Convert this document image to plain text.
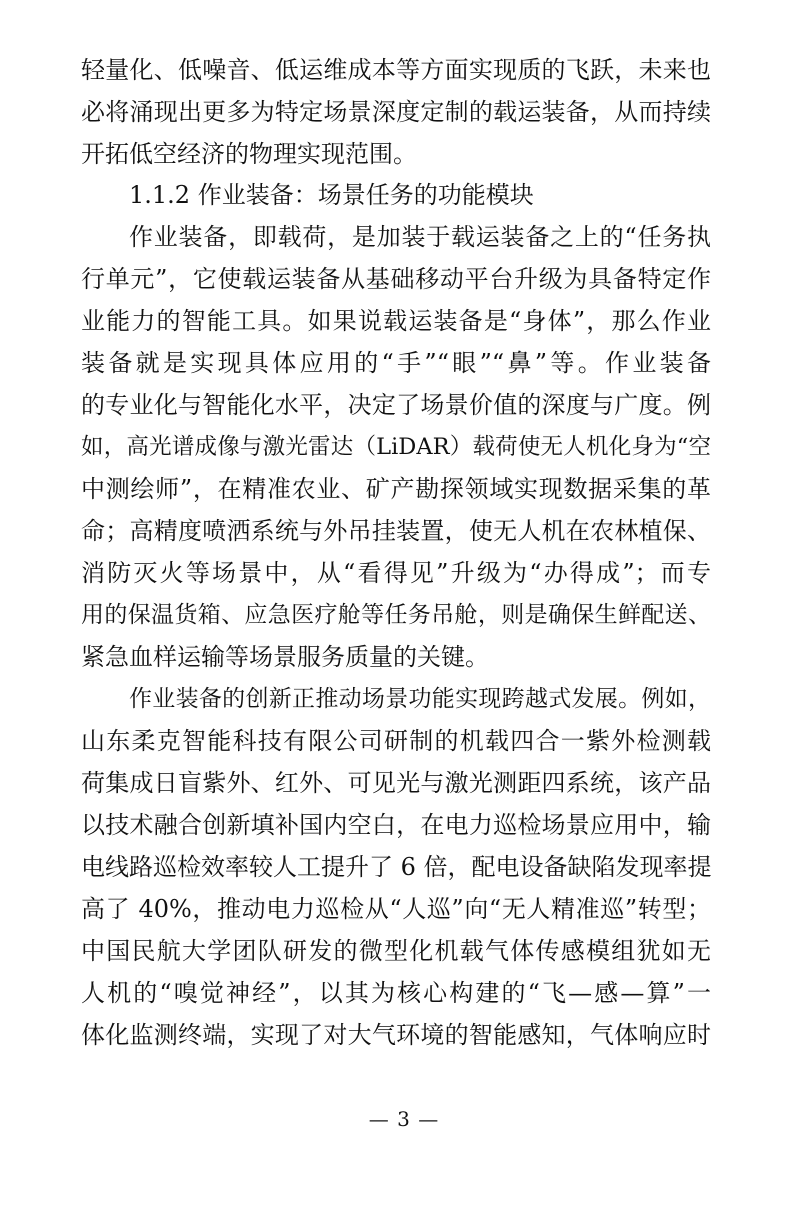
轻量化、低噪音、低运维成本等方面实现质的飞跃，未来也
必将涌现出更多为特定场景深度定制的载运装备，从而持续
开拓低空经济的物理实现范围。
1.1.2 作业装备：场景任务的功能模块
作业装备，即载荷，是加装于载运装备之上的“任务执
行单元”，它使载运装备从基础移动平台升级为具备特定作
业能力的智能工具。如果说载运装备是“身体”，那么作业
装备就是实现具体应用的“手”“眼”“鼻”等。作业装备
的专业化与智能化水平，决定了场景价值的深度与广度。例
如，高光谱成像与激光雷达（LiDAR）载荷使无人机化身为“空
中测绘师”，在精准农业、矿产勘探领域实现数据采集的革
命；高精度喷洒系统与外吊挂装置，使无人机在农林植保、
消防灭火等场景中，从“看得见”升级为“办得成”；而专
用的保温货箱、应急医疗舱等任务吊舱，则是确保生鲜配送、
紧急血样运输等场景服务质量的关键。
作业装备的创新正推动场景功能实现跨越式发展。例如，
山东柔克智能科技有限公司研制的机载四合一紫外检测载
荷集成日盲紫外、红外、可见光与激光测距四系统，该产品
以技术融合创新填补国内空白，在电力巡检场景应用中，输
电线路巡检效率较人工提升了 6 倍，配电设备缺陷发现率提
高了 40%，推动电力巡检从“人巡”向“无人精准巡”转型；
中国民航大学团队研发的微型化机载气体传感模组犹如无
人机的“嗅觉神经”，以其为核心构建的“飞—感—算”一
体化监测终端，实现了对大气环境的智能感知，气体响应时
— 3 —
